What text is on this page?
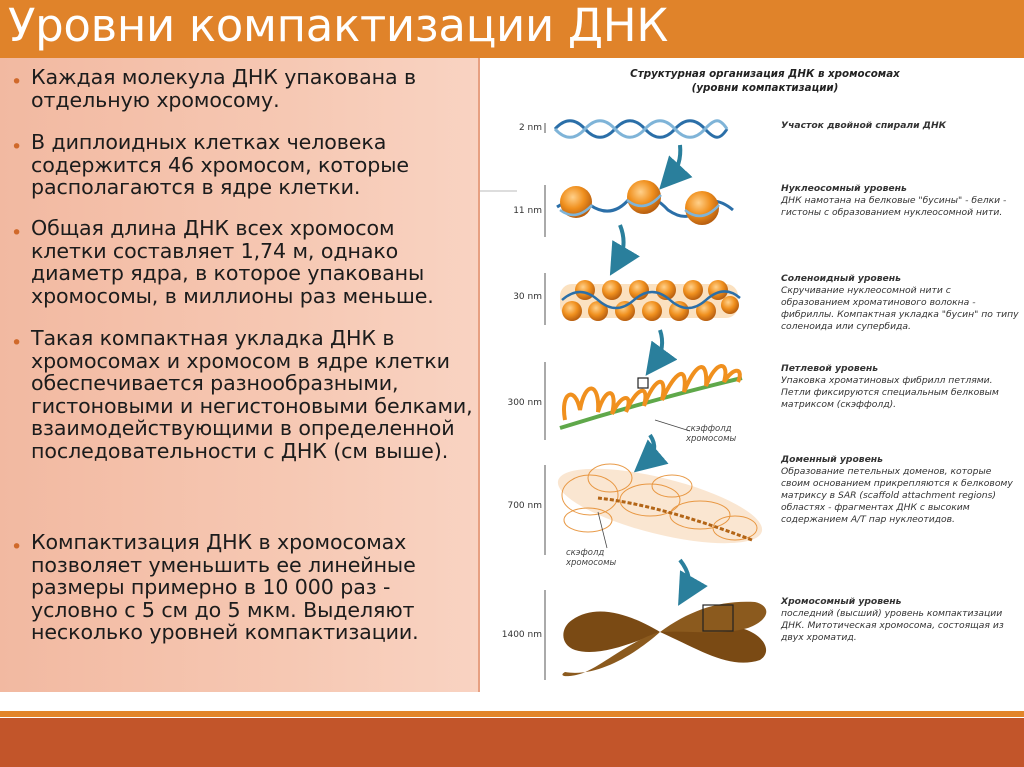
Уровни компактизации ДНК
• Каждая молекула ДНК упакована в отдельную хромосому.
• В диплоидных клетках человека содержится 46 хромосом, которые располагаются в ядре клетки.
• Общая длина ДНК всех хромосом клетки составляет 1,74 м, однако диаметр ядра, в которое упакованы хромосомы, в миллионы раз меньше.
• Такая компактная укладка ДНК в хромосомах и хромосом в ядре клетки обеспечивается разнообразными, гистоновыми и негистоновыми белками, взаимодействующими в определенной последовательности с ДНК (см выше).
• Компактизация ДНК в хромосомах позволяет уменьшить ее линейные размеры примерно в 10 000 раз - условно с 5 см до 5 мкм. Выделяют несколько уровней компактизации.
Структурная организация ДНК в хромосомах
(уровни компактизации)
2 nm
11 nm
30 nm
300 nm
700 nm
1400 nm
скэффолд хромосомы
скэфолд хромосомы
Участок двойной спирали ДНК
Нуклеосомный уровень
ДНК намотана на белковые "бусины" - белки - гистоны с образованием нуклеосомной нити.
Соленоидный уровень
Скручивание нуклеосомной нити с образованием хроматинового волокна - фибриллы. Компактная укладка "бусин" по типу соленоида или супербида.
Петлевой уровень
Упаковка хроматиновых фибрилл петлями. Петли фиксируются специальным белковым матриксом (скэффолд).
Доменный уровень
Образование петельных доменов, которые своим основанием прикрепляются к белковому матриксу в SAR (scaffold attachment regions) областях - фрагментах ДНК с высоким содержанием A/T пар нуклеотидов.
Хромосомный уровень
последний (высший) уровень компактизации ДНК. Митотическая хромосома, состоящая из двух хроматид.
